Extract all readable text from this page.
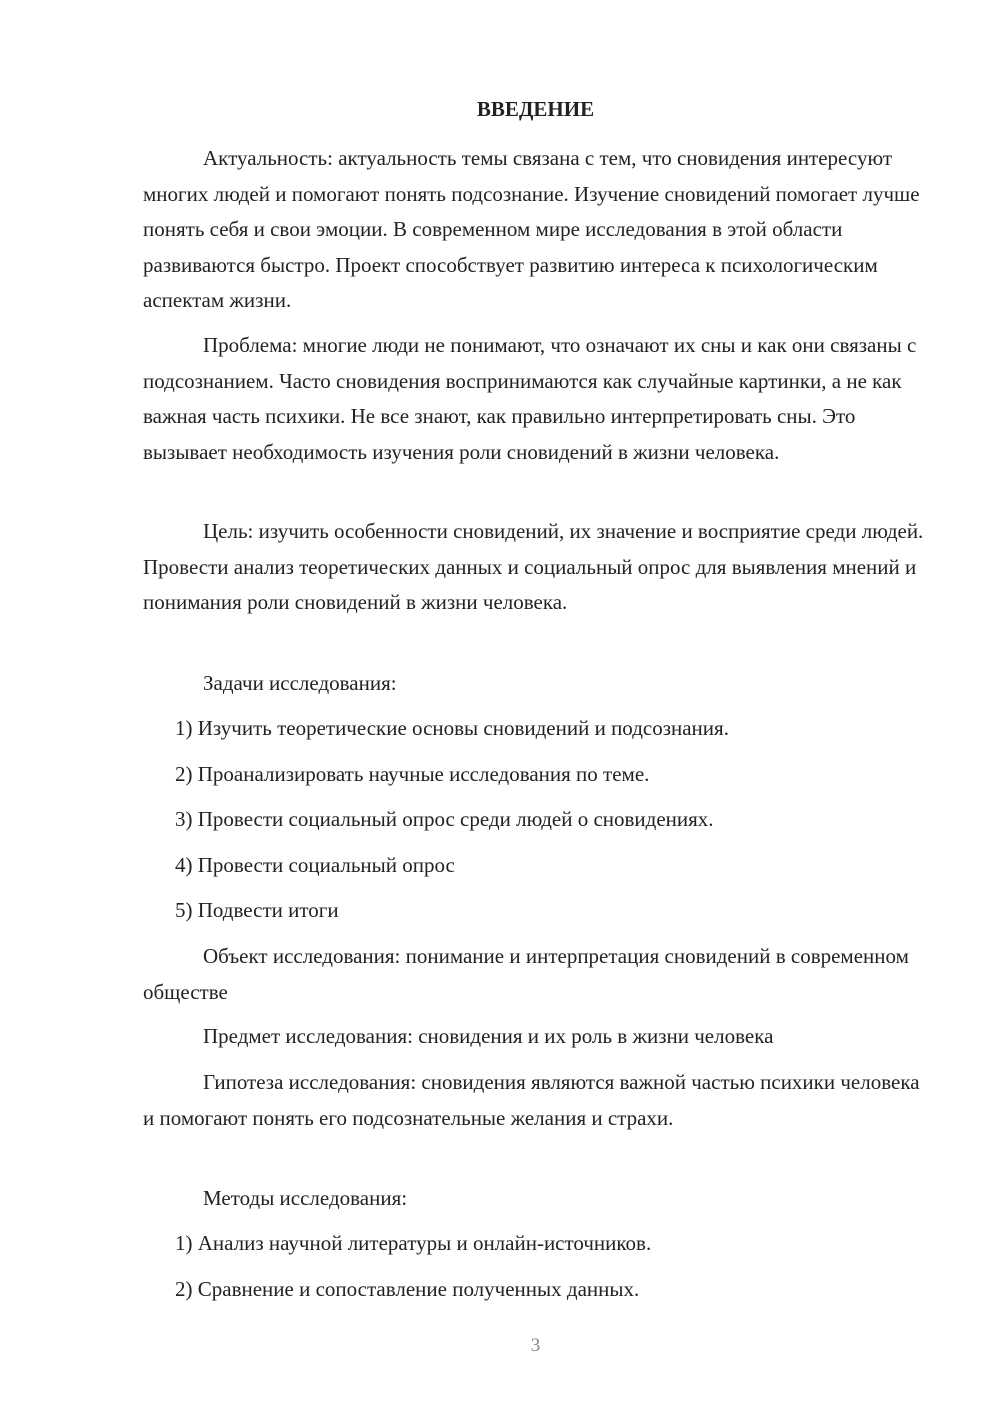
ВВЕДЕНИЕ

Актуальность: актуальность темы связана с тем, что сновидения интересуют многих людей и помогают понять подсознание. Изучение сновидений помогает лучше понять себя и свои эмоции. В современном мире исследования в этой области развиваются быстро. Проект способствует развитию интереса к психологическим аспектам жизни.

Проблема: многие люди не понимают, что означают их сны и как они связаны с подсознанием. Часто сновидения воспринимаются как случайные картинки, а не как важная часть психики. Не все знают, как правильно интерпретировать сны. Это вызывает необходимость изучения роли сновидений в жизни человека.

Цель: изучить особенности сновидений, их значение и восприятие среди людей. Провести анализ теоретических данных и социальный опрос для выявления мнений и понимания роли сновидений в жизни человека.

Задачи исследования:

1) Изучить теоретические основы сновидений и подсознания.

2) Проанализировать научные исследования по теме.

3) Провести социальный опрос среди людей о сновидениях.

4) Провести социальный опрос

5) Подвести итоги

Объект исследования: понимание и интерпретация сновидений в современном обществе

Предмет исследования: сновидения и их роль в жизни человека

Гипотеза исследования: сновидения являются важной частью психики человека и помогают понять его подсознательные желания и страхи.

Методы исследования:

1) Анализ научной литературы и онлайн-источников.

2) Сравнение и сопоставление полученных данных.

3
